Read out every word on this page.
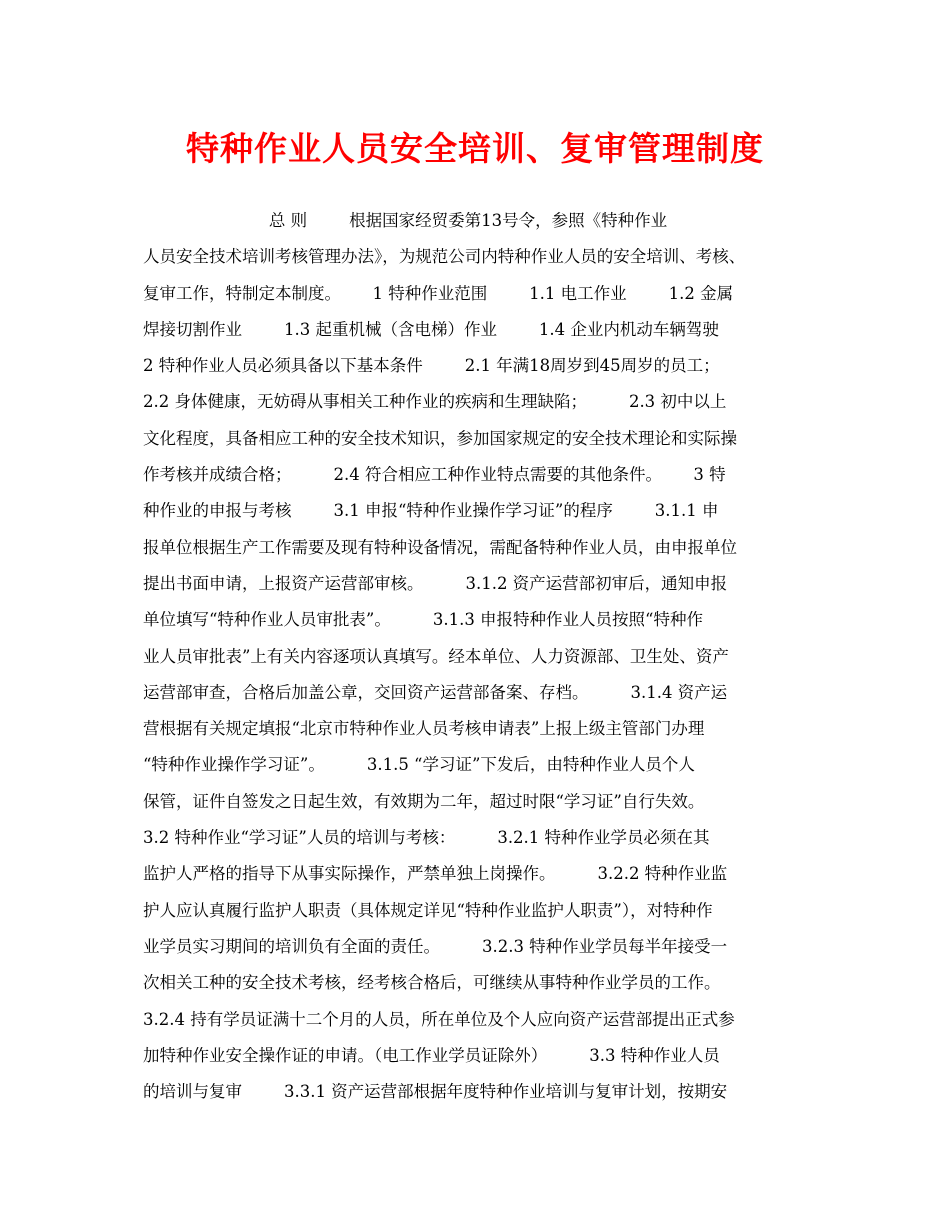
特种作业人员安全培训、复审管理制度
总 则        根据国家经贸委第13号令，参照《特种作业
人员安全技术培训考核管理办法》，为规范公司内特种作业人员的安全培训、考核、
复审工作，特制定本制度。      1 特种作业范围        1.1 电工作业        1.2 金属
焊接切割作业        1.3 起重机械（含电梯）作业        1.4 企业内机动车辆驾驶
2 特种作业人员必须具备以下基本条件        2.1 年满18周岁到45周岁的员工；
2.2 身体健康，无妨碍从事相关工种作业的疾病和生理缺陷；        2.3 初中以上
文化程度，具备相应工种的安全技术知识，参加国家规定的安全技术理论和实际操
作考核并成绩合格；        2.4 符合相应工种作业特点需要的其他条件。      3 特
种作业的申报与考核        3.1 申报“特种作业操作学习证”的程序        3.1.1 申
报单位根据生产工作需要及现有特种设备情况，需配备特种作业人员，由申报单位
提出书面申请，上报资产运营部审核。        3.1.2 资产运营部初审后，通知申报
单位填写“特种作业人员审批表”。        3.1.3 申报特种作业人员按照“特种作
业人员审批表”上有关内容逐项认真填写。经本单位、人力资源部、卫生处、资产
运营部审查，合格后加盖公章，交回资产运营部备案、存档。        3.1.4 资产运
营根据有关规定填报“北京市特种作业人员考核申请表”上报上级主管部门办理
“特种作业操作学习证”。        3.1.5 “学习证”下发后，由特种作业人员个人
保管，证件自签发之日起生效，有效期为二年，超过时限“学习证”自行失效。
3.2 特种作业“学习证”人员的培训与考核：        3.2.1 特种作业学员必须在其
监护人严格的指导下从事实际操作，严禁单独上岗操作。        3.2.2 特种作业监
护人应认真履行监护人职责（具体规定详见“特种作业监护人职责”），对特种作
业学员实习期间的培训负有全面的责任。        3.2.3 特种作业学员每半年接受一
次相关工种的安全技术考核，经考核合格后，可继续从事特种作业学员的工作。
3.2.4 持有学员证满十二个月的人员，所在单位及个人应向资产运营部提出正式参
加特种作业安全操作证的申请。（电工作业学员证除外）        3.3 特种作业人员
的培训与复审        3.3.1 资产运营部根据年度特种作业培训与复审计划，按期安
